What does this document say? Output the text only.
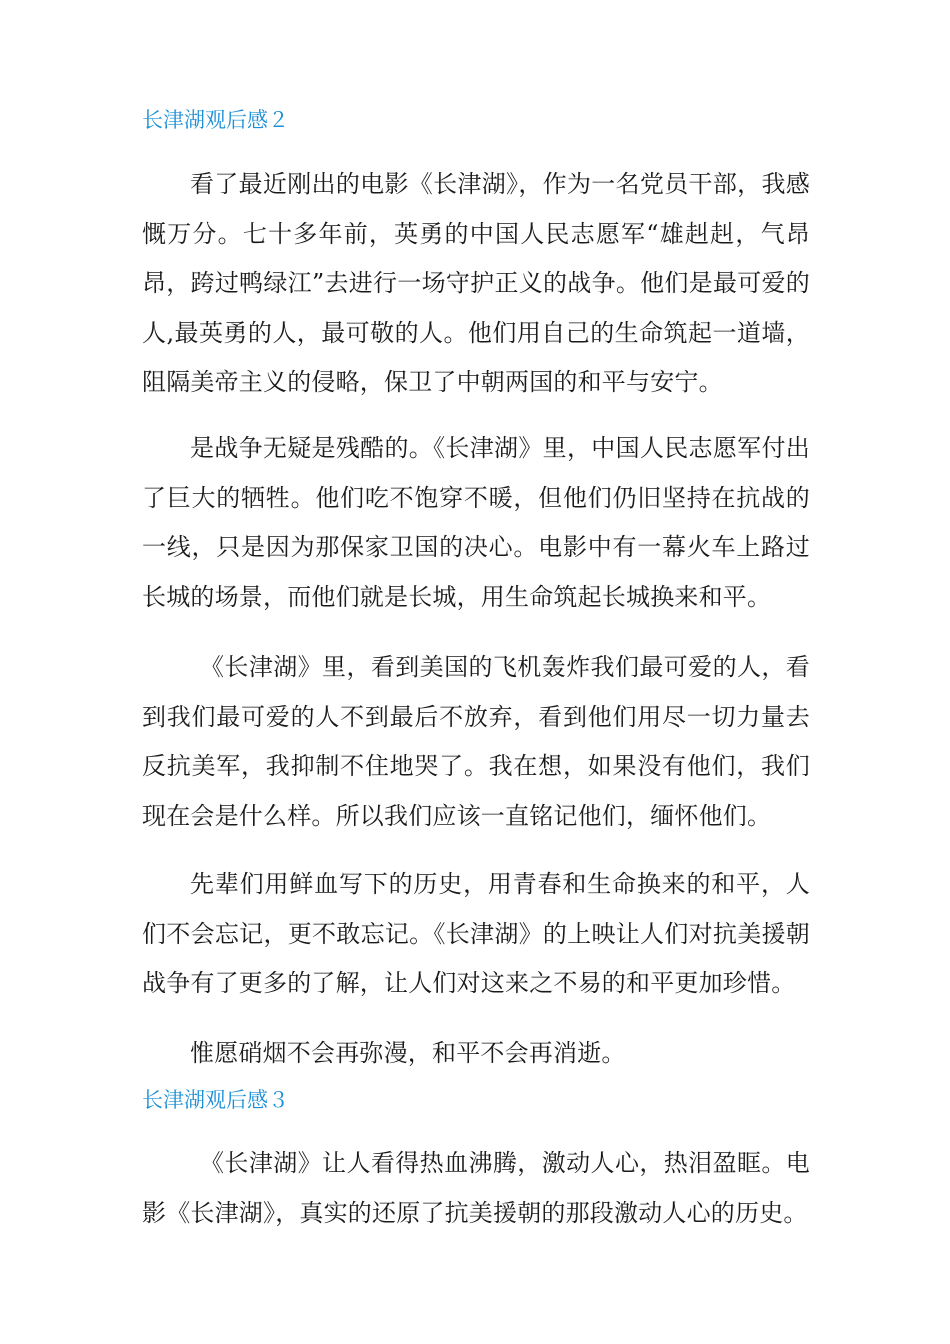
长津湖观后感２

看了最近刚出的电影《长津湖》，作为一名党员干部，我感慨万分。七十多年前，英勇的中国人民志愿军“雄赳赳，气昂昂，跨过鸭绿江”去进行一场守护正义的战争。他们是最可爱的人,最英勇的人，最可敬的人。他们用自己的生命筑起一道墙，阻隔美帝主义的侵略，保卫了中朝两国的和平与安宁。

是战争无疑是残酷的。《长津湖》里，中国人民志愿军付出了巨大的牺牲。他们吃不饱穿不暖，但他们仍旧坚持在抗战的一线，只是因为那保家卫国的决心。电影中有一幕火车上路过长城的场景，而他们就是长城，用生命筑起长城换来和平。

《长津湖》里，看到美国的飞机轰炸我们最可爱的人，看到我们最可爱的人不到最后不放弃，看到他们用尽一切力量去反抗美军，我抑制不住地哭了。我在想，如果没有他们，我们现在会是什么样。所以我们应该一直铭记他们，缅怀他们。

先辈们用鲜血写下的历史，用青春和生命换来的和平，人们不会忘记，更不敢忘记。《长津湖》的上映让人们对抗美援朝战争有了更多的了解，让人们对这来之不易的和平更加珍惜。

惟愿硝烟不会再弥漫，和平不会再消逝。

长津湖观后感３

《长津湖》让人看得热血沸腾，激动人心，热泪盈眶。电影《长津湖》，真实的还原了抗美援朝的那段激动人心的历史。
